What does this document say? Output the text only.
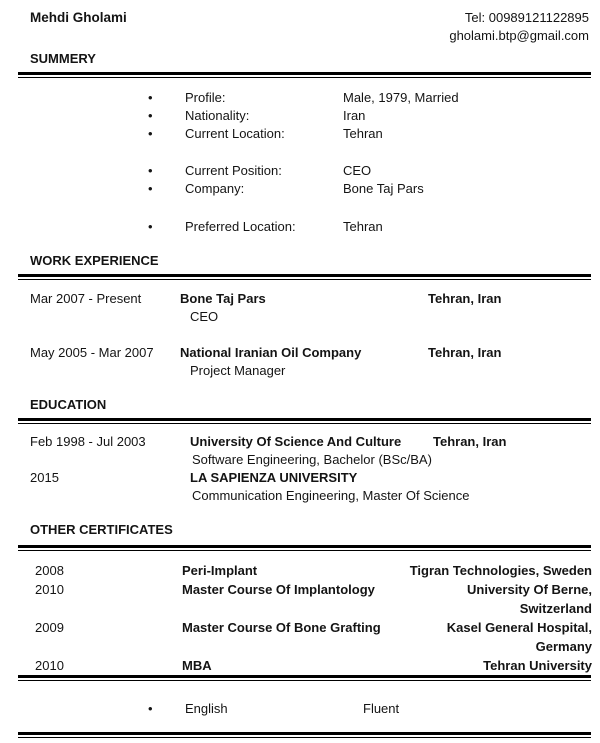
Mehdi Gholami	Tel: 00989121122895
gholami.btp@gmail.com
SUMMERY
•	Profile:	Male, 1979, Married
•	Nationality:	Iran
•	Current Location:	Tehran
•	Current Position:	CEO
•	Company:	Bone Taj Pars
•	Preferred Location:	Tehran
WORK EXPERIENCE
Mar 2007 - Present	Bone Taj Pars	Tehran, Iran
CEO
May 2005 - Mar 2007	National Iranian Oil Company	Tehran, Iran
Project Manager
EDUCATION
Feb 1998 - Jul 2003	University Of Science And Culture	Tehran, Iran
Software Engineering, Bachelor (BSc/BA)
2015	LA SAPIENZA UNIVERSITY
Communication Engineering, Master Of Science
OTHER CERTIFICATES
2008	Peri-Implant	Tigran Technologies, Sweden
2010	Master Course Of Implantology	University Of Berne, Switzerland
2009	Master Course Of Bone Grafting	Kasel General Hospital, Germany
2010	MBA	Tehran University
•	English	Fluent
